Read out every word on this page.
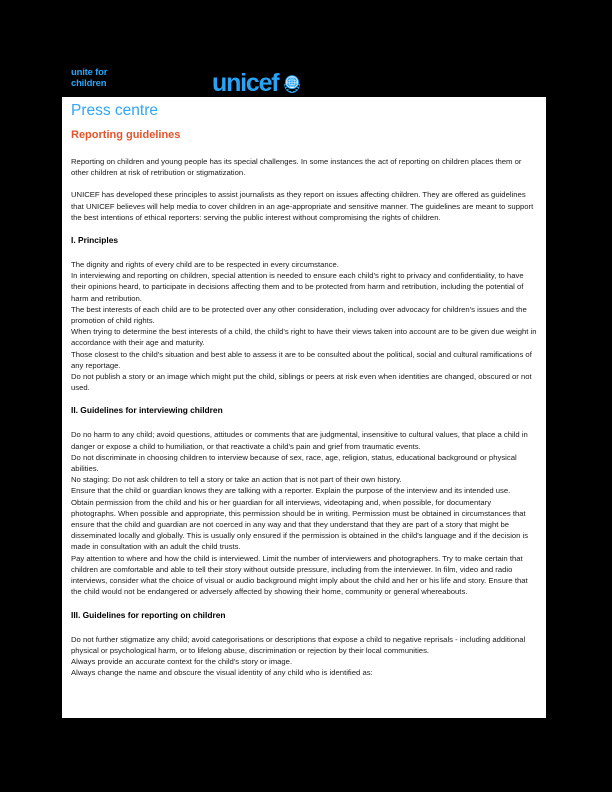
unite for
children	unicef
Press centre
Reporting guidelines

Reporting on children and young people has its special challenges. In some instances the act of reporting on children places them or other children at risk of retribution or stigmatization.

UNICEF has developed these principles to assist journalists as they report on issues affecting children. They are offered as guidelines that UNICEF believes will help media to cover children in an age-appropriate and sensitive manner. The guidelines are meant to support the best intentions of ethical reporters: serving the public interest without compromising the rights of children.

I. Principles

The dignity and rights of every child are to be respected in every circumstance.

In interviewing and reporting on children, special attention is needed to ensure each child's right to privacy and confidentiality, to have their opinions heard, to participate in decisions affecting them and to be protected from harm and retribution, including the potential of harm and retribution.

The best interests of each child are to be protected over any other consideration, including over advocacy for children's issues and the promotion of child rights.

When trying to determine the best interests of a child, the child's right to have their views taken into account are to be given due weight in accordance with their age and maturity.

Those closest to the child's situation and best able to assess it are to be consulted about the political, social and cultural ramifications of any reportage.

Do not publish a story or an image which might put the child, siblings or peers at risk even when identities are changed, obscured or not used.

II. Guidelines for interviewing children

Do no harm to any child; avoid questions, attitudes or comments that are judgmental, insensitive to cultural values, that place a child in danger or expose a child to humiliation, or that reactivate a child's pain and grief from traumatic events.

Do not discriminate in choosing children to interview because of sex, race, age, religion, status, educational background or physical abilities.

No staging: Do not ask children to tell a story or take an action that is not part of their own history.

Ensure that the child or guardian knows they are talking with a reporter. Explain the purpose of the interview and its intended use.

Obtain permission from the child and his or her guardian for all interviews, videotaping and, when possible, for documentary photographs. When possible and appropriate, this permission should be in writing. Permission must be obtained in circumstances that ensure that the child and guardian are not coerced in any way and that they understand that they are part of a story that might be disseminated locally and globally. This is usually only ensured if the permission is obtained in the child's language and if the decision is made in consultation with an adult the child trusts.

Pay attention to where and how the child is interviewed. Limit the number of interviewers and photographers. Try to make certain that children are comfortable and able to tell their story without outside pressure, including from the interviewer. In film, video and radio interviews, consider what the choice of visual or audio background might imply about the child and her or his life and story. Ensure that the child would not be endangered or adversely affected by showing their home, community or general whereabouts.

III. Guidelines for reporting on children

Do not further stigmatize any child; avoid categorisations or descriptions that expose a child to negative reprisals - including additional physical or psychological harm, or to lifelong abuse, discrimination or rejection by their local communities.

Always provide an accurate context for the child's story or image.

Always change the name and obscure the visual identity of any child who is identified as:
